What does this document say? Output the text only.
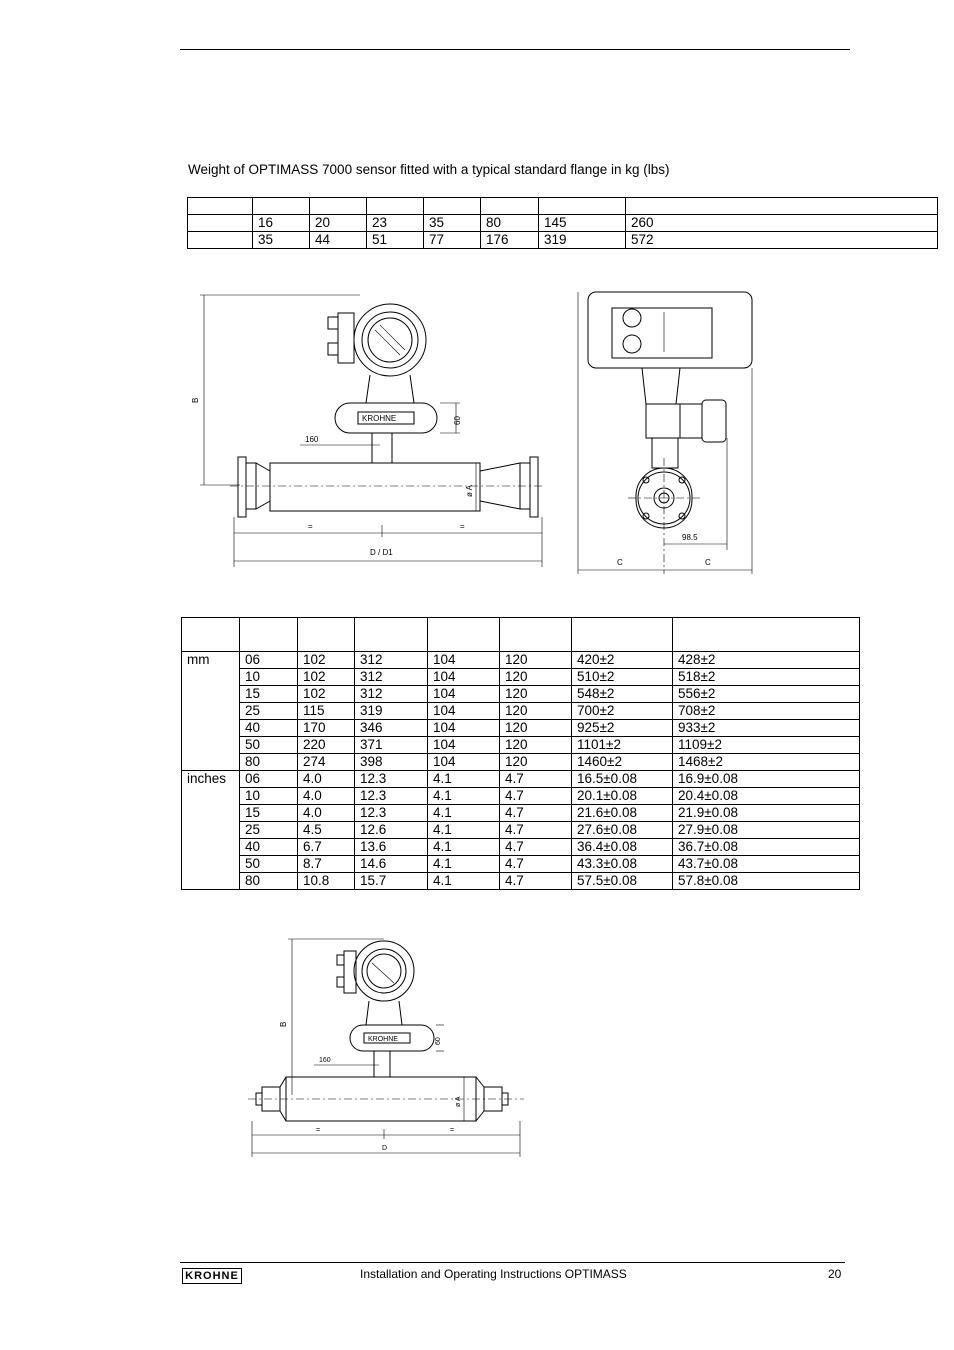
Weight of OPTIMASS 7000 sensor fitted with a typical standard flange in kg (lbs)

	16	20	23	35	80	145	260
	35	44	51	77	176	319	572
B
KROHNE	60
160
ø A
=	=
D / D1
98.5
C	C

mm	06	102	312	104	120	420±2	428±2
	10	102	312	104	120	510±2	518±2
	15	102	312	104	120	548±2	556±2
	25	115	319	104	120	700±2	708±2
	40	170	346	104	120	925±2	933±2
	50	220	371	104	120	1101±2	1109±2
	80	274	398	104	120	1460±2	1468±2
inches	06	4.0	12.3	4.1	4.7	16.5±0.08	16.9±0.08
	10	4.0	12.3	4.1	4.7	20.1±0.08	20.4±0.08
	15	4.0	12.3	4.1	4.7	21.6±0.08	21.9±0.08
	25	4.5	12.6	4.1	4.7	27.6±0.08	27.9±0.08
	40	6.7	13.6	4.1	4.7	36.4±0.08	36.7±0.08
	50	8.7	14.6	4.1	4.7	43.3±0.08	43.7±0.08
	80	10.8	15.7	4.1	4.7	57.5±0.08	57.8±0.08
B
KROHNE	60
160
ø A
=	=
D
KROHNE	Installation and Operating Instructions OPTIMASS	20
